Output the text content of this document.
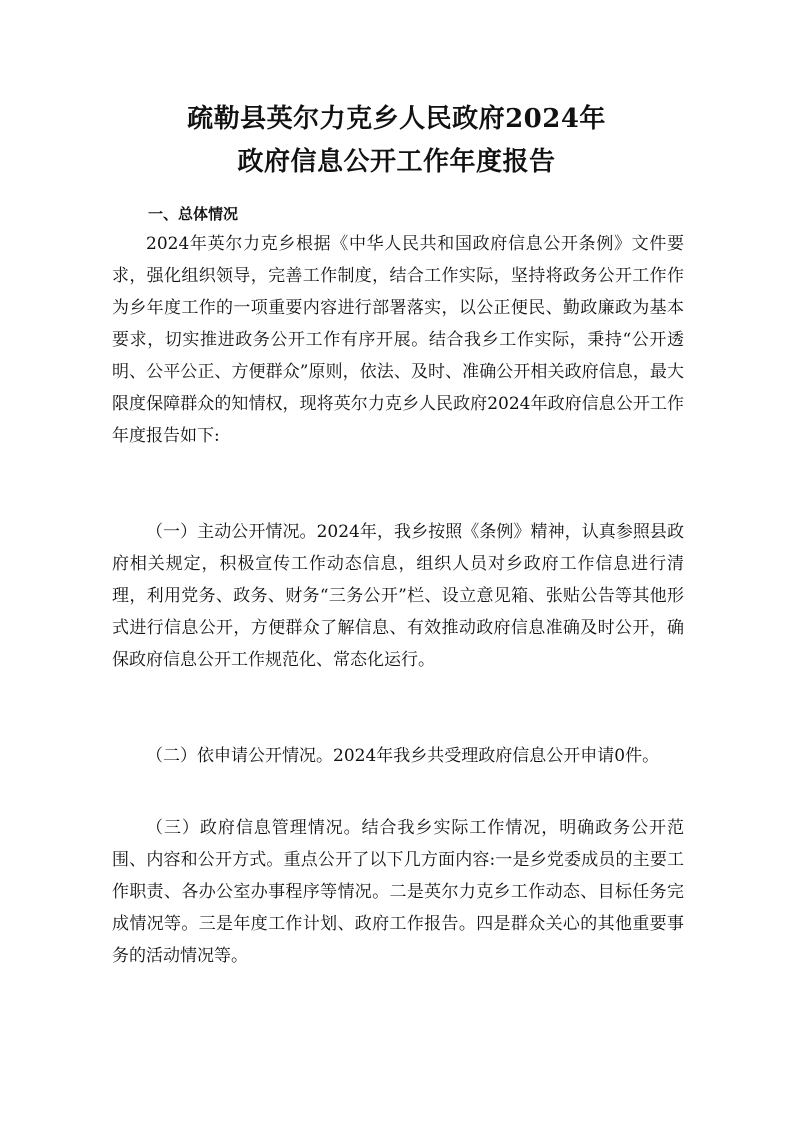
疏勒县英尔力克乡人民政府2024年
政府信息公开工作年度报告
一、总体情况

2024年英尔力克乡根据《中华人民共和国政府信息公开条例》文件要求，强化组织领导，完善工作制度，结合工作实际，坚持将政务公开工作作为乡年度工作的一项重要内容进行部署落实，以公正便民、勤政廉政为基本要求，切实推进政务公开工作有序开展。结合我乡工作实际，秉持“公开透明、公平公正、方便群众”原则，依法、及时、准确公开相关政府信息，最大限度保障群众的知情权，现将英尔力克乡人民政府2024年政府信息公开工作年度报告如下:

（一）主动公开情况。2024年，我乡按照《条例》精神，认真参照县政府相关规定，积极宣传工作动态信息，组织人员对乡政府工作信息进行清理，利用党务、政务、财务“三务公开”栏、设立意见箱、张贴公告等其他形式进行信息公开，方便群众了解信息、有效推动政府信息准确及时公开，确保政府信息公开工作规范化、常态化运行。

（二）依申请公开情况。2024年我乡共受理政府信息公开申请0件。

（三）政府信息管理情况。结合我乡实际工作情况，明确政务公开范围、内容和公开方式。重点公开了以下几方面内容:一是乡党委成员的主要工作职责、各办公室办事程序等情况。二是英尔力克乡工作动态、目标任务完成情况等。三是年度工作计划、政府工作报告。四是群众关心的其他重要事务的活动情况等。
